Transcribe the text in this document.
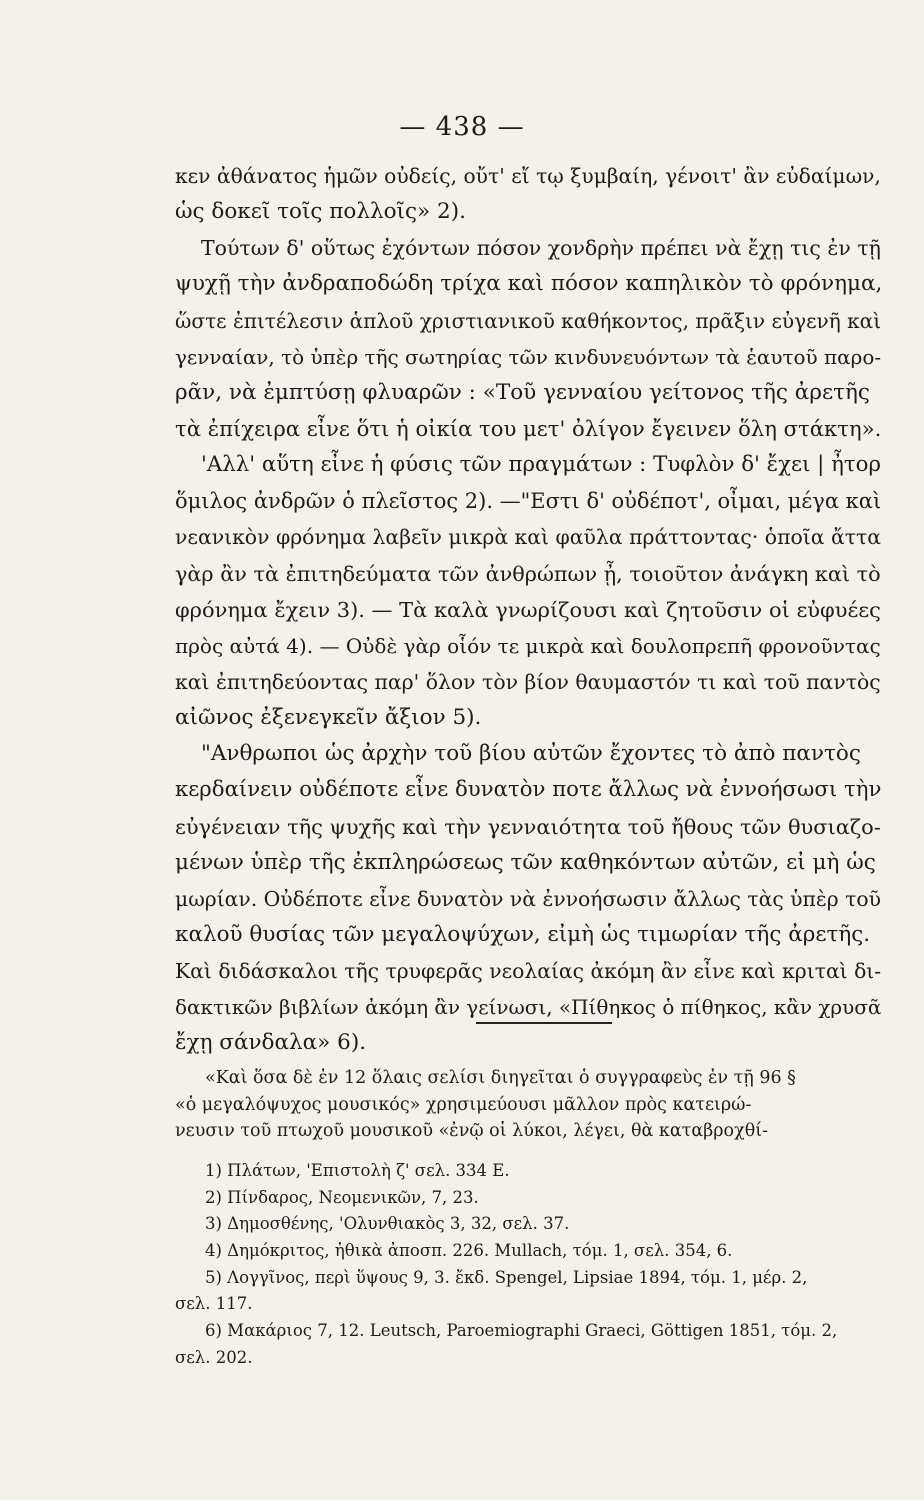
— 438 —
κεν ἀθάνατος ἡμῶν οὐδείς, οὔτ' εἴ τῳ ξυμβαίη, γένοιτ' ἂν εὐδαίμων,
ὡς δοκεῖ τοῖς πολλοῖς» 2).
Τούτων δ' οὕτως ἐχόντων πόσον χονδρὴν πρέπει νὰ ἔχῃ τις ἐν τῇ
ψυχῇ τὴν ἀνδραποδώδη τρίχα καὶ πόσον καπηλικὸν τὸ φρόνημα,
ὥστε ἐπιτέλεσιν ἁπλοῦ χριστιανικοῦ καθήκοντος, πρᾶξιν εὐγενῆ καὶ
γενναίαν, τὸ ὑπὲρ τῆς σωτηρίας τῶν κινδυνευόντων τὰ ἑαυτοῦ παρο-
ρᾶν, νὰ ἐμπτύσῃ φλυαρῶν : «Τοῦ γενναίου γείτονος τῆς ἀρετῆς
τὰ ἐπίχειρα εἶνε ὅτι ἡ οἰκία του μετ' ὀλίγον ἔγεινεν ὅλη στάκτη».
'Αλλ' αὕτη εἶνε ἡ φύσις τῶν πραγμάτων : Τυφλὸν δ' ἔχει | ἦτορ
ὅμιλος ἀνδρῶν ὁ πλεῖστος 2). —"Εστι δ' οὐδέποτ', οἶμαι, μέγα καὶ
νεανικὸν φρόνημα λαβεῖν μικρὰ καὶ φαῦλα πράττοντας· ὁποῖα ἄττα
γὰρ ἂν τὰ ἐπιτηδεύματα τῶν ἀνθρώπων ᾖ, τοιοῦτον ἀνάγκη καὶ τὸ
φρόνημα ἔχειν 3). — Τὰ καλὰ γνωρίζουσι καὶ ζητοῦσιν οἱ εὐφυέες
πρὸς αὐτά 4). — Οὐδὲ γὰρ οἷόν τε μικρὰ καὶ δουλοπρεπῆ φρονοῦντας
καὶ ἐπιτηδεύοντας παρ' ὅλον τὸν βίον θαυμαστόν τι καὶ τοῦ παντὸς
αἰῶνος ἐξενεγκεῖν ἄξιον 5).
"Ανθρωποι ὡς ἀρχὴν τοῦ βίου αὐτῶν ἔχοντες τὸ ἀπὸ παντὸς
κερδαίνειν οὐδέποτε εἶνε δυνατὸν ποτε ἄλλως νὰ ἐννοήσωσι τὴν
εὐγένειαν τῆς ψυχῆς καὶ τὴν γενναιότητα τοῦ ἤθους τῶν θυσιαζο-
μένων ὑπὲρ τῆς ἐκπληρώσεως τῶν καθηκόντων αὐτῶν, εἰ μὴ ὡς
μωρίαν. Οὐδέποτε εἶνε δυνατὸν νὰ ἐννοήσωσιν ἄλλως τὰς ὑπὲρ τοῦ
καλοῦ θυσίας τῶν μεγαλοψύχων, εἰμὴ ὡς τιμωρίαν τῆς ἀρετῆς.
Καὶ διδάσκαλοι τῆς τρυφερᾶς νεολαίας ἀκόμη ἂν εἶνε καὶ κριταὶ δι-
δακτικῶν βιβλίων ἀκόμη ἂν γείνωσι, «Πίθηκος ὁ πίθηκος, κἂν χρυσᾶ
ἔχῃ σάνδαλα» 6).
«Καὶ ὅσα δὲ ἐν 12 ὅλαις σελίσι διηγεῖται ὁ συγγραφεὺς ἐν τῇ 96 §
«ὁ μεγαλόψυχος μουσικός» χρησιμεύουσι μᾶλλον πρὸς κατειρώ-
νευσιν τοῦ πτωχοῦ μουσικοῦ «ἐνῷ οἱ λύκοι, λέγει, θὰ καταβροχθί-
1) Πλάτων, 'Επιστολὴ ζ' σελ. 334 E.
2) Πίνδαρος, Νεομενικῶν, 7, 23.
3) Δημοσθένης, 'Ολυνθιακὸς 3, 32, σελ. 37.
4) Δημόκριτος, ἠθικὰ ἀποσπ. 226. Mullach, τόμ. 1, σελ. 354, 6.
5) Λογγῖνος, περὶ ὕψους 9, 3. ἔκδ. Spengel, Lipsiae 1894, τόμ. 1, μέρ. 2,
σελ. 117.
6) Μακάριος 7, 12. Leutsch, Paroemiographi Graeci, Göttigen 1851, τόμ. 2,
σελ. 202.
